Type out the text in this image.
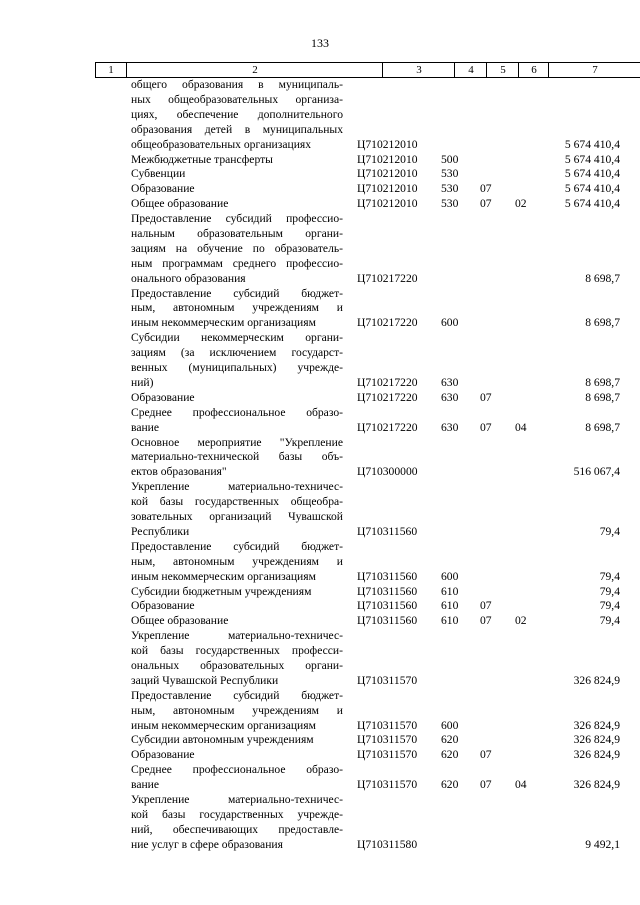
133
1	2	3	4	5	6	7
общего образования в муниципаль-
ных общеобразовательных организа-
циях, обеспечение дополнительного
образования детей в муниципальных
общеобразовательных организациях	Ц710212010	5 674 410,4
Межбюджетные трансферты	Ц710212010 500	5 674 410,4
Субвенции	Ц710212010 530	5 674 410,4
Образование	Ц710212010 530 07	5 674 410,4
Общее образование	Ц710212010 530 07 02	5 674 410,4
Предоставление субсидий профессио-
нальным образовательным органи-
зациям на обучение по образователь-
ным программам среднего профессио-
онального образования	Ц710217220	8 698,7
Предоставление субсидий бюджет-
ным, автономным учреждениям и
иным некоммерческим организациям	Ц710217220 600	8 698,7
Субсидии некоммерческим органи-
зациям (за исключением государст-
венных (муниципальных) учрежде-
ний)	Ц710217220 630	8 698,7
Образование	Ц710217220 630 07	8 698,7
Среднее профессиональное образо-
вание	Ц710217220 630 07 04	8 698,7
Основное мероприятие "Укрепление
материально-технической базы объ-
ектов образования"	Ц710300000	516 067,4
Укрепление материально-техничес-
кой базы государственных общеобра-
зовательных организаций Чувашской
Республики	Ц710311560	79,4
Предоставление субсидий бюджет-
ным, автономным учреждениям и
иным некоммерческим организациям	Ц710311560 600	79,4
Субсидии бюджетным учреждениям	Ц710311560 610	79,4
Образование	Ц710311560 610 07	79,4
Общее образование	Ц710311560 610 07 02	79,4
Укрепление материально-техничес-
кой базы государственных професси-
ональных образовательных органи-
заций Чувашской Республики	Ц710311570	326 824,9
Предоставление субсидий бюджет-
ным, автономным учреждениям и
иным некоммерческим организациям	Ц710311570 600	326 824,9
Субсидии автономным учреждениям	Ц710311570 620	326 824,9
Образование	Ц710311570 620 07	326 824,9
Среднее профессиональное образо-
вание	Ц710311570 620 07 04	326 824,9
Укрепление материально-техничес-
кой базы государственных учрежде-
ний, обеспечивающих предоставле-
ние услуг в сфере образования	Ц710311580	9 492,1
